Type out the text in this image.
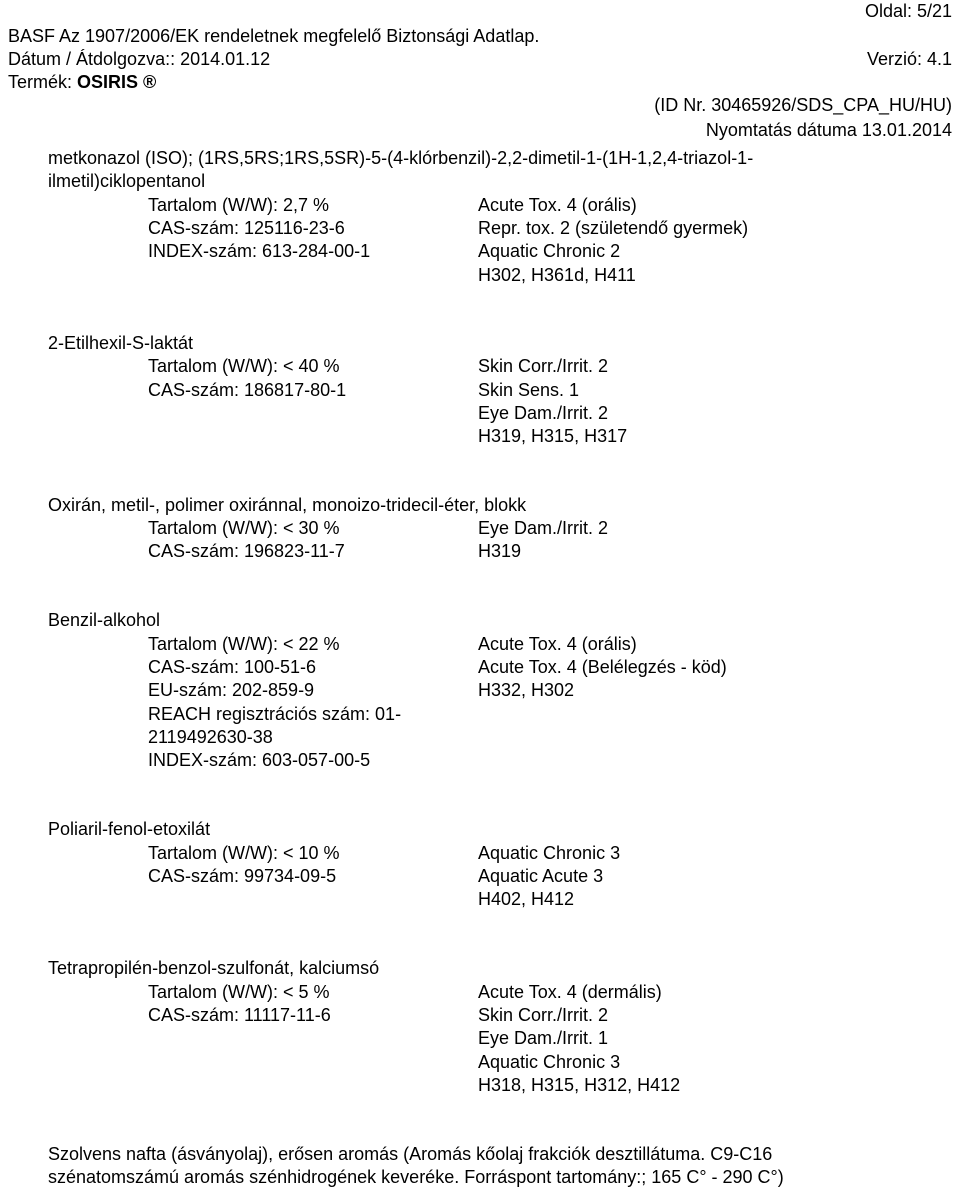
Oldal: 5/21
BASF Az 1907/2006/EK rendeletnek megfelelő Biztonsági Adatlap.
Dátum / Átdolgozva:: 2014.01.12	Verzió: 4.1
Termék: OSIRIS ®
(ID Nr. 30465926/SDS_CPA_HU/HU)
Nyomtatás dátuma 13.01.2014
metkonazol (ISO); (1RS,5RS;1RS,5SR)-5-(4-klórbenzil)-2,2-dimetil-1-(1H-1,2,4-triazol-1-
ilmetil)ciklopentanol
Tartalom (W/W): 2,7 %
CAS-szám: 125116-23-6
INDEX-szám: 613-284-00-1
Acute Tox. 4 (orális)
Repr. tox. 2 (születendő gyermek)
Aquatic Chronic 2
H302, H361d, H411
2-Etilhexil-S-laktát
Tartalom (W/W): < 40 %
CAS-szám: 186817-80-1
Skin Corr./Irrit. 2
Skin Sens. 1
Eye Dam./Irrit. 2
H319, H315, H317
Oxirán, metil-, polimer oxiránnal, monoizo-tridecil-éter, blokk
Tartalom (W/W): < 30 %
CAS-szám: 196823-11-7
Eye Dam./Irrit. 2
H319
Benzil-alkohol
Tartalom (W/W): < 22 %
CAS-szám: 100-51-6
EU-szám: 202-859-9
REACH regisztrációs szám: 01-
2119492630-38
INDEX-szám: 603-057-00-5
Acute Tox. 4 (orális)
Acute Tox. 4 (Belélegzés - köd)
H332, H302
Poliaril-fenol-etoxilát
Tartalom (W/W): < 10 %
CAS-szám: 99734-09-5
Aquatic Chronic 3
Aquatic Acute 3
H402, H412
Tetrapropilén-benzol-szulfonát, kalciumsó
Tartalom (W/W): < 5 %
CAS-szám: 11117-11-6
Acute Tox. 4 (dermális)
Skin Corr./Irrit. 2
Eye Dam./Irrit. 1
Aquatic Chronic 3
H318, H315, H312, H412
Szolvens nafta (ásványolaj), erősen aromás (Aromás kőolaj frakciók desztillátuma. C9-C16
szénatomszámú aromás szénhidrogének keveréke. Forráspont tartomány:; 165 C° - 290 C°)
